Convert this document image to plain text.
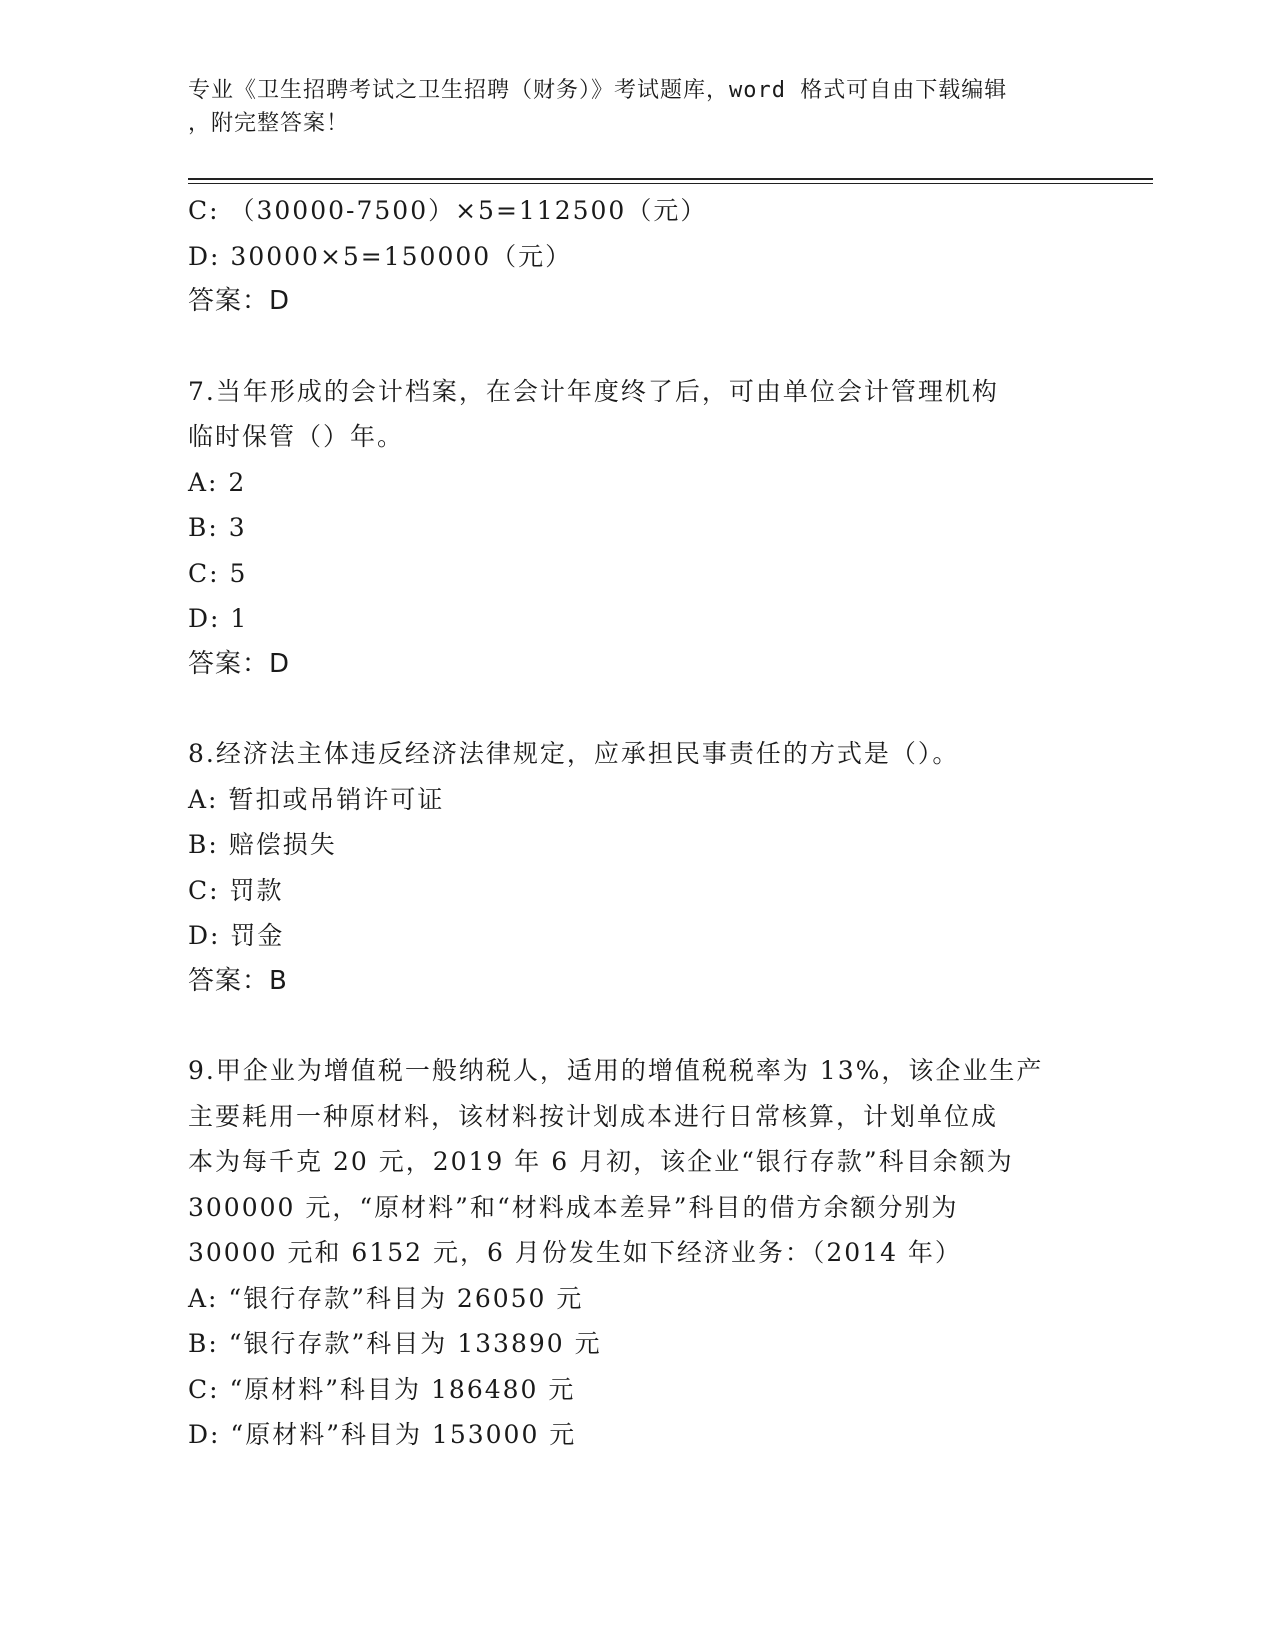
专业《卫生招聘考试之卫生招聘（财务）》考试题库，word 格式可自由下载编辑
，附完整答案！
C: （30000-7500）×5=112500（元）
D: 30000×5=150000（元）
答案：D
7.当年形成的会计档案，在会计年度终了后，可由单位会计管理机构
临时保管（）年。
A: 2
B: 3
C: 5
D: 1
答案：D
8.经济法主体违反经济法律规定，应承担民事责任的方式是（）。
A: 暂扣或吊销许可证
B: 赔偿损失
C: 罚款
D: 罚金
答案：B
9.甲企业为增值税一般纳税人，适用的增值税税率为 13%，该企业生产
主要耗用一种原材料，该材料按计划成本进行日常核算，计划单位成
本为每千克 20 元，2019 年 6 月初，该企业“银行存款”科目余额为
300000 元，“原材料”和“材料成本差异”科目的借方余额分别为
30000 元和 6152 元，6 月份发生如下经济业务：（2014 年）
A: “银行存款”科目为 26050 元
B: “银行存款”科目为 133890 元
C: “原材料”科目为 186480 元
D: “原材料”科目为 153000 元
